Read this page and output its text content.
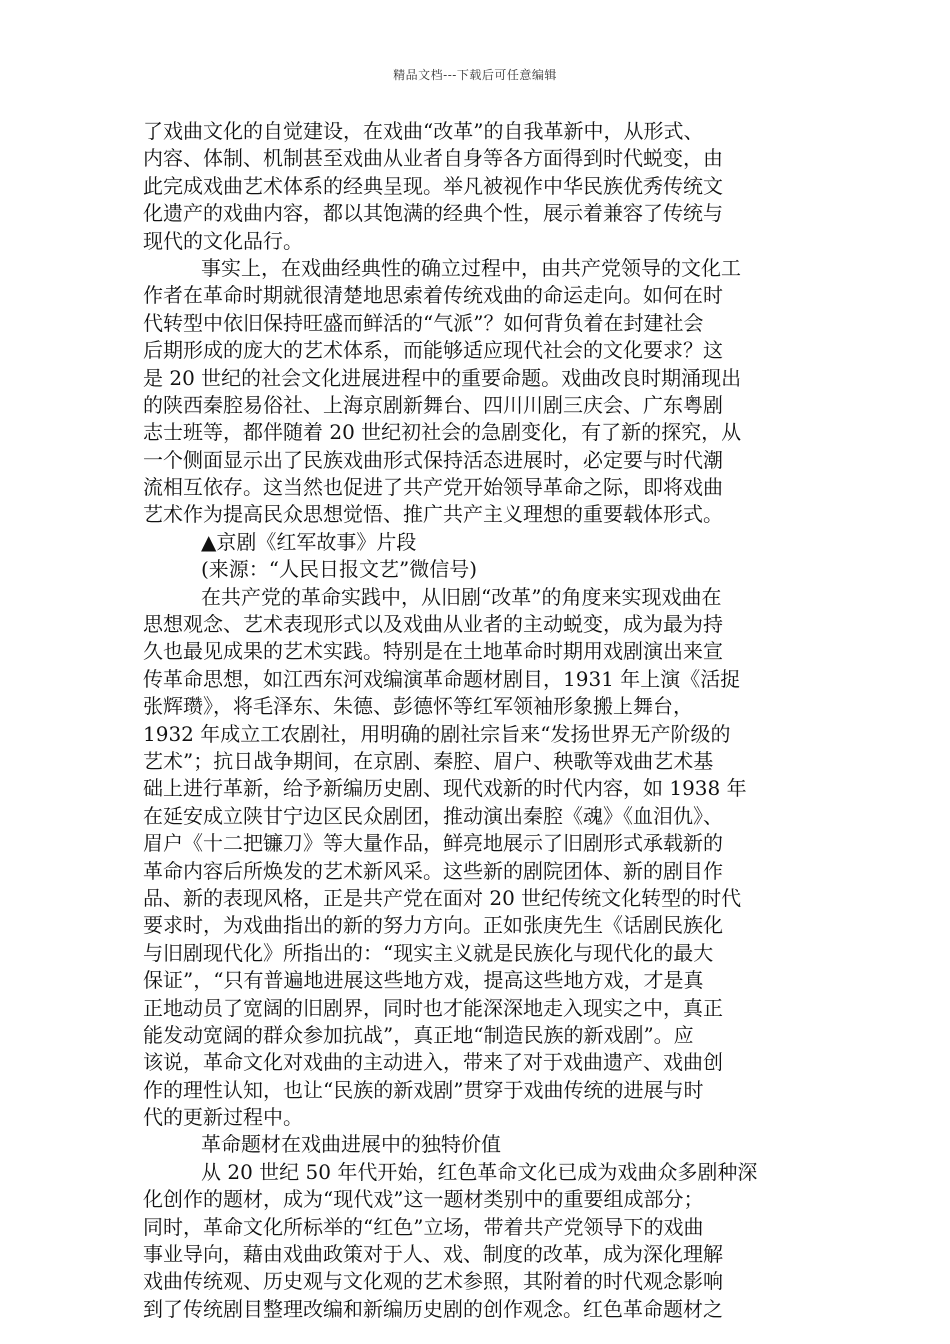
精品文档---下载后可任意编辑
了戏曲文化的自觉建设，在戏曲“改革”的自我革新中，从形式、
内容、体制、机制甚至戏曲从业者自身等各方面得到时代蜕变，由
此完成戏曲艺术体系的经典呈现。举凡被视作中华民族优秀传统文
化遗产的戏曲内容，都以其饱满的经典个性，展示着兼容了传统与
现代的文化品行。
事实上，在戏曲经典性的确立过程中，由共产党领导的文化工
作者在革命时期就很清楚地思索着传统戏曲的命运走向。如何在时
代转型中依旧保持旺盛而鲜活的“气派”？如何背负着在封建社会
后期形成的庞大的艺术体系，而能够适应现代社会的文化要求？这
是 20 世纪的社会文化进展进程中的重要命题。戏曲改良时期涌现出
的陕西秦腔易俗社、上海京剧新舞台、四川川剧三庆会、广东粤剧
志士班等，都伴随着 20 世纪初社会的急剧变化，有了新的探究，从
一个侧面显示出了民族戏曲形式保持活态进展时，必定要与时代潮
流相互依存。这当然也促进了共产党开始领导革命之际，即将戏曲
艺术作为提高民众思想觉悟、推广共产主义理想的重要载体形式。
▲京剧《红军故事》片段
(来源：“人民日报文艺”微信号)
在共产党的革命实践中，从旧剧“改革”的角度来实现戏曲在
思想观念、艺术表现形式以及戏曲从业者的主动蜕变，成为最为持
久也最见成果的艺术实践。特别是在土地革命时期用戏剧演出来宣
传革命思想，如江西东河戏编演革命题材剧目，1931 年上演《活捉
张辉瓒》，将毛泽东、朱德、彭德怀等红军领袖形象搬上舞台，
1932 年成立工农剧社，用明确的剧社宗旨来“发扬世界无产阶级的
艺术”；抗日战争期间，在京剧、秦腔、眉户、秧歌等戏曲艺术基
础上进行革新，给予新编历史剧、现代戏新的时代内容，如 1938 年
在延安成立陕甘宁边区民众剧团，推动演出秦腔《魂》《血泪仇》、
眉户《十二把镰刀》等大量作品，鲜亮地展示了旧剧形式承载新的
革命内容后所焕发的艺术新风采。这些新的剧院团体、新的剧目作
品、新的表现风格，正是共产党在面对 20 世纪传统文化转型的时代
要求时，为戏曲指出的新的努力方向。正如张庚先生《话剧民族化
与旧剧现代化》所指出的：“现实主义就是民族化与现代化的最大
保证”，“只有普遍地进展这些地方戏，提高这些地方戏，才是真
正地动员了宽阔的旧剧界，同时也才能深深地走入现实之中，真正
能发动宽阔的群众参加抗战”，真正地“制造民族的新戏剧”。应
该说，革命文化对戏曲的主动进入，带来了对于戏曲遗产、戏曲创
作的理性认知，也让“民族的新戏剧”贯穿于戏曲传统的进展与时
代的更新过程中。
革命题材在戏曲进展中的独特价值
从 20 世纪 50 年代开始，红色革命文化已成为戏曲众多剧种深
化创作的题材，成为“现代戏”这一题材类别中的重要组成部分；
同时，革命文化所标举的“红色”立场，带着共产党领导下的戏曲
事业导向，藉由戏曲政策对于人、戏、制度的改革，成为深化理解
戏曲传统观、历史观与文化观的艺术参照，其附着的时代观念影响
到了传统剧目整理改编和新编历史剧的创作观念。红色革命题材之
